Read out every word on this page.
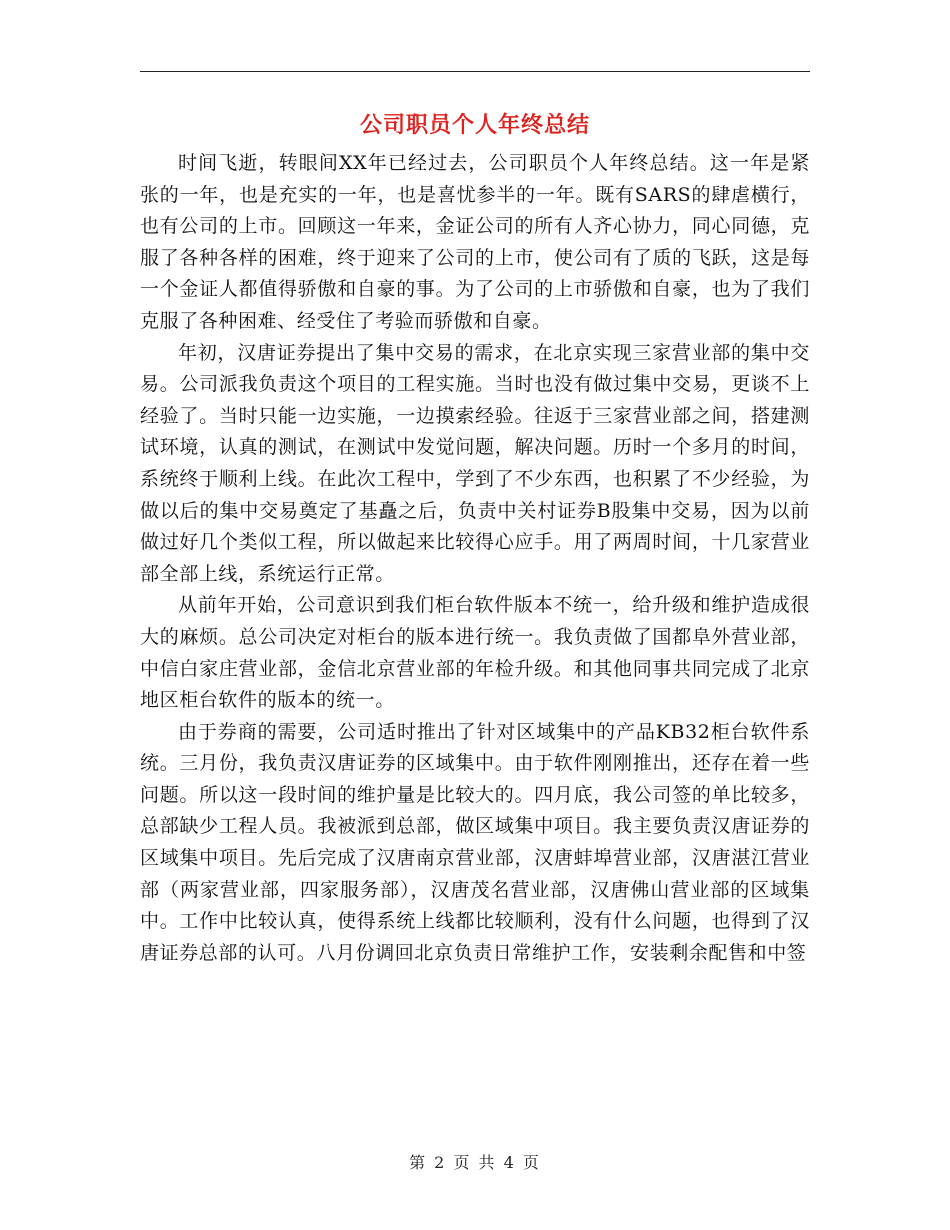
公司职员个人年终总结

时间飞逝，转眼间XX年已经过去，公司职员个人年终总结。这一年是紧张的一年，也是充实的一年，也是喜忧参半的一年。既有SARS的肆虐横行，也有公司的上市。回顾这一年来，金证公司的所有人齐心协力，同心同德，克服了各种各样的困难，终于迎来了公司的上市，使公司有了质的飞跃，这是每一个金证人都值得骄傲和自豪的事。为了公司的上市骄傲和自豪，也为了我们克服了各种困难、经受住了考验而骄傲和自豪。

年初，汉唐证券提出了集中交易的需求，在北京实现三家营业部的集中交易。公司派我负责这个项目的工程实施。当时也没有做过集中交易，更谈不上经验了。当时只能一边实施，一边摸索经验。往返于三家营业部之间，搭建测试环境，认真的测试，在测试中发觉问题，解决问题。历时一个多月的时间，系统终于顺利上线。在此次工程中，学到了不少东西，也积累了不少经验，为做以后的集中交易奠定了基矗之后，负责中关村证券B股集中交易，因为以前做过好几个类似工程，所以做起来比较得心应手。用了两周时间，十几家营业部全部上线，系统运行正常。

从前年开始，公司意识到我们柜台软件版本不统一，给升级和维护造成很大的麻烦。总公司决定对柜台的版本进行统一。我负责做了国都阜外营业部，中信白家庄营业部，金信北京营业部的年检升级。和其他同事共同完成了北京地区柜台软件的版本的统一。

由于券商的需要，公司适时推出了针对区域集中的产品KB32柜台软件系统。三月份，我负责汉唐证券的区域集中。由于软件刚刚推出，还存在着一些问题。所以这一段时间的维护量是比较大的。四月底，我公司签的单比较多，总部缺少工程人员。我被派到总部，做区域集中项目。我主要负责汉唐证券的区域集中项目。先后完成了汉唐南京营业部，汉唐蚌埠营业部，汉唐湛江营业部（两家营业部，四家服务部），汉唐茂名营业部，汉唐佛山营业部的区域集中。工作中比较认真，使得系统上线都比较顺利，没有什么问题，也得到了汉唐证券总部的认可。八月份调回北京负责日常维护工作，安装剩余配售和中签

第 2 页 共 4 页
